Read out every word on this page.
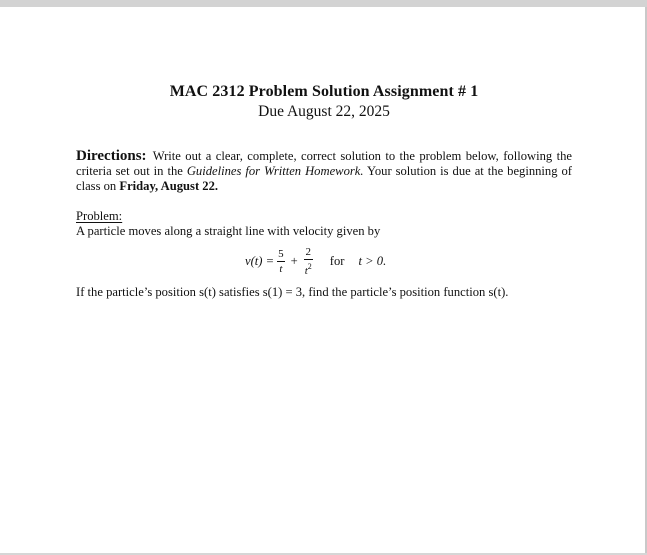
MAC 2312 Problem Solution Assignment # 1
Due August 22, 2025
Directions: Write out a clear, complete, correct solution to the problem below, following the criteria set out in the Guidelines for Written Homework. Your solution is due at the beginning of class on Friday, August 22.
Problem:
A particle moves along a straight line with velocity given by
$v(t) = \frac{5}{t} + \frac{2}{t^2}$ for t > 0.
If the particle’s position s(t) satisfies s(1) = 3, find the particle’s position function s(t).
